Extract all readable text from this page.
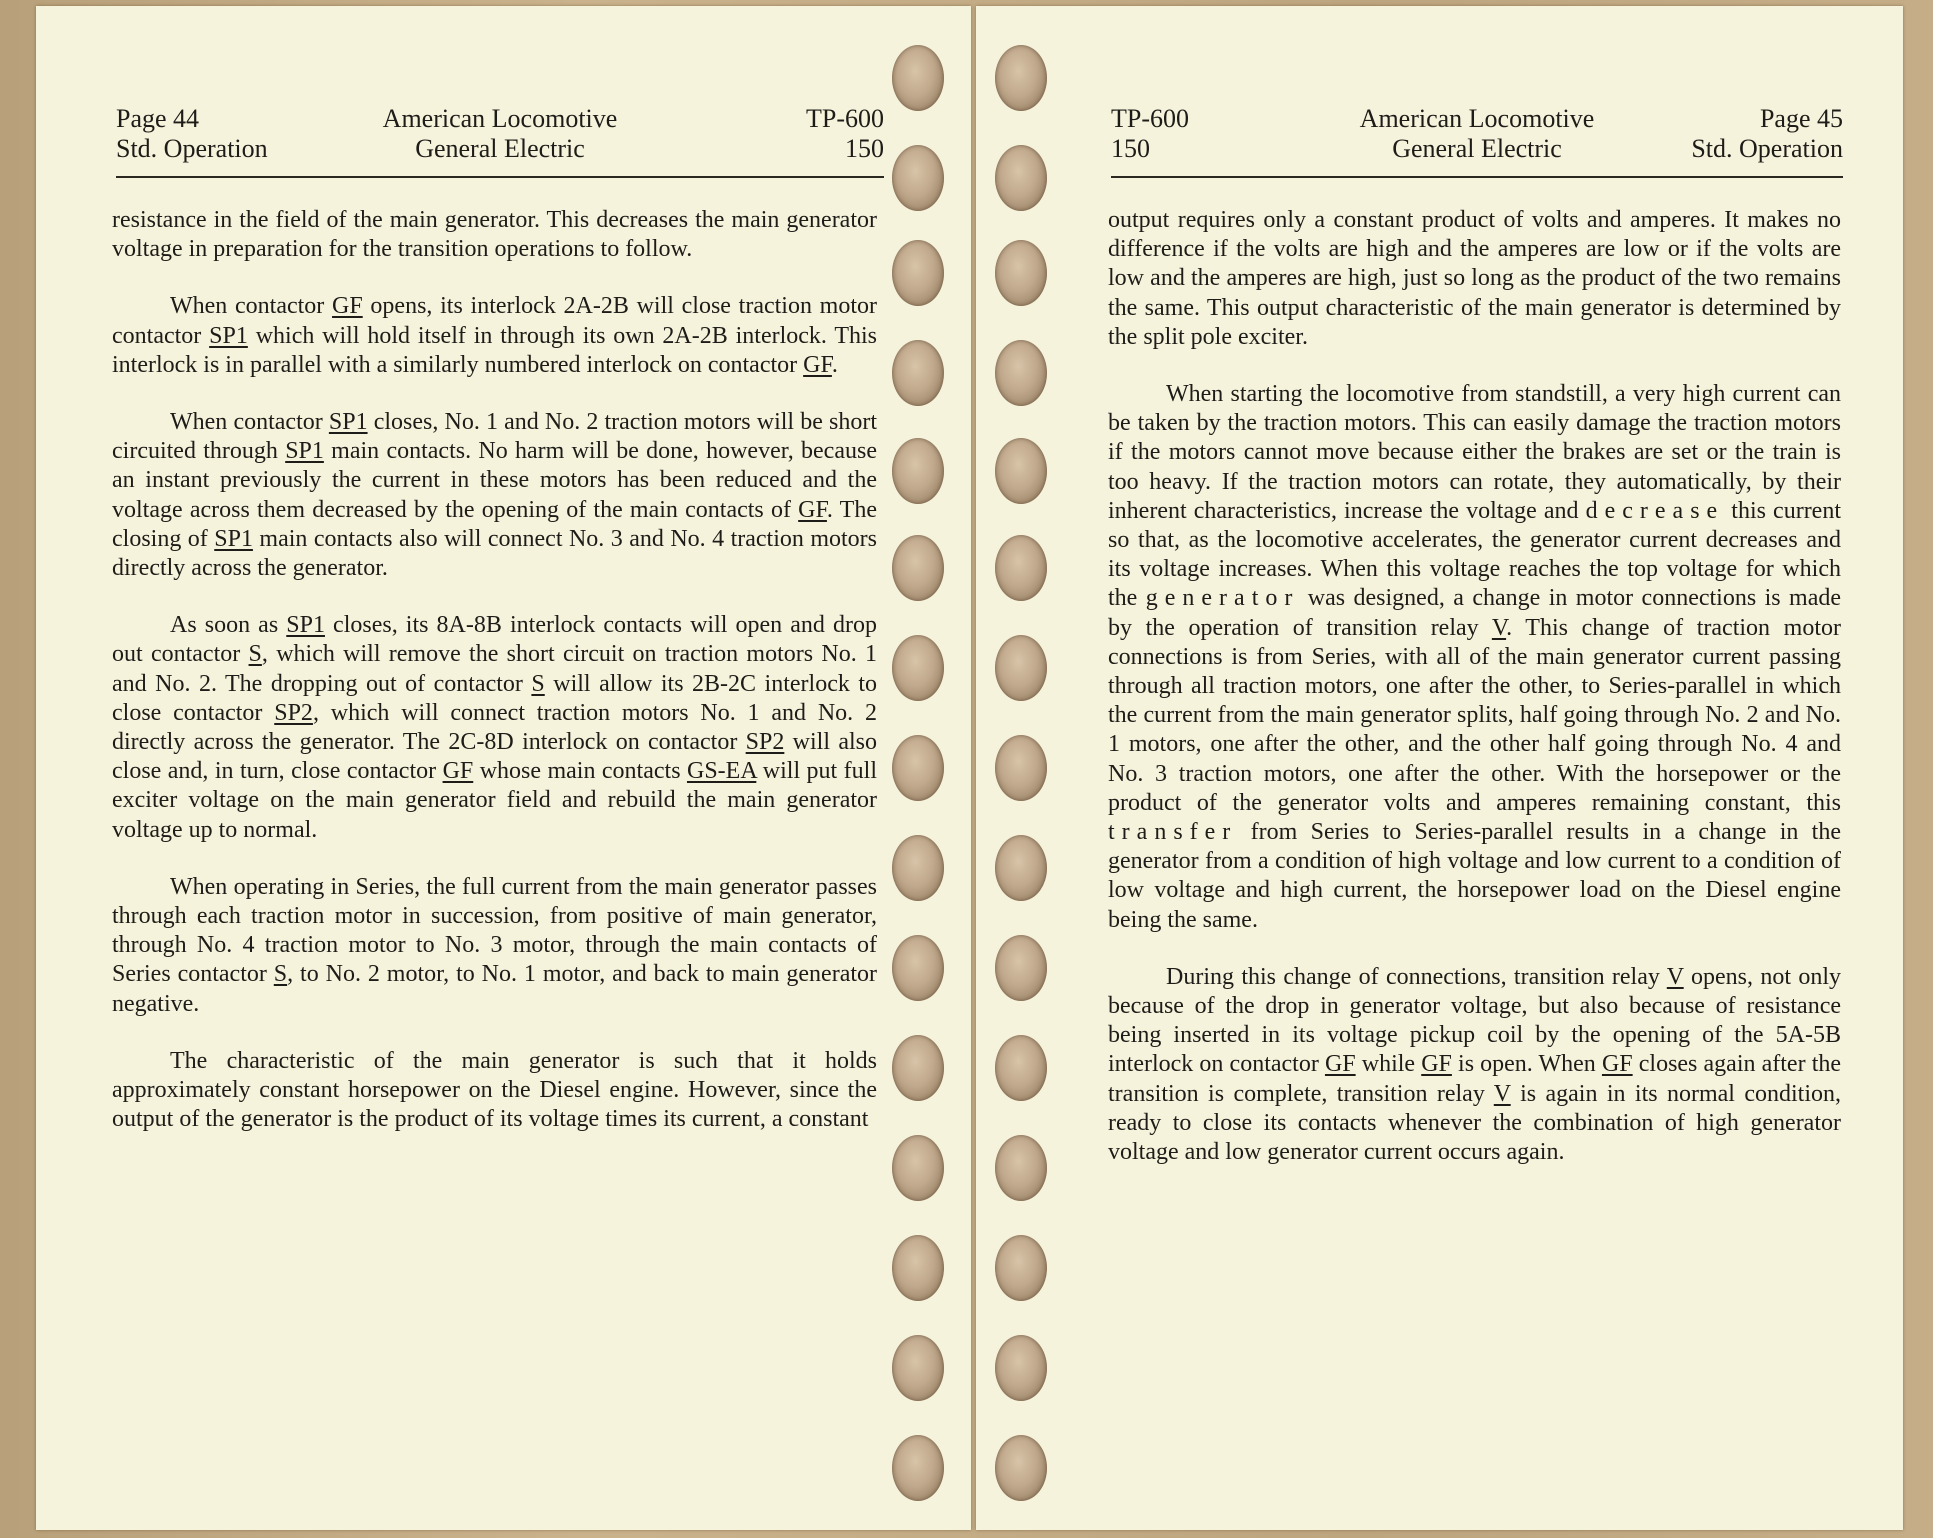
Page 44	American Locomotive	TP-600
Std. Operation	General Electric	150

resistance in the field of the main generator. This decreases the main generator voltage in preparation for the transition operations to follow.

When contactor GF opens, its interlock 2A-2B will close traction motor contactor SP1 which will hold itself in through its own 2A-2B interlock. This interlock is in parallel with a similarly numbered interlock on contactor GF.

When contactor SP1 closes, No. 1 and No. 2 traction motors will be short circuited through SP1 main contacts. No harm will be done, however, because an instant previously the current in these motors has been reduced and the voltage across them decreased by the opening of the main contacts of GF. The closing of SP1 main contacts also will connect No. 3 and No. 4 traction motors directly across the generator.

As soon as SP1 closes, its 8A-8B interlock contacts will open and drop out contactor S, which will remove the short circuit on traction motors No. 1 and No. 2. The dropping out of contactor S will allow its 2B-2C interlock to close contactor SP2, which will connect traction motors No. 1 and No. 2 directly across the generator. The 2C-8D interlock on contactor SP2 will also close and, in turn, close contactor GF whose main contacts GS-EA will put full exciter voltage on the main generator field and rebuild the main generator voltage up to normal.

When operating in Series, the full current from the main generator passes through each traction motor in succession, from positive of main generator, through No. 4 traction motor to No. 3 motor, through the main contacts of Series contactor S, to No. 2 motor, to No. 1 motor, and back to main generator negative.

The characteristic of the main generator is such that it holds approximately constant horsepower on the Diesel engine. However, since the output of the generator is the product of its voltage times its current, a constant

TP-600	American Locomotive	Page 45
150	General Electric	Std. Operation

output requires only a constant product of volts and amperes. It makes no difference if the volts are high and the amperes are low or if the volts are low and the amperes are high, just so long as the product of the two remains the same. This output characteristic of the main generator is determined by the split pole exciter.

When starting the locomotive from standstill, a very high current can be taken by the traction motors. This can easily damage the traction motors if the motors cannot move because either the brakes are set or the train is too heavy. If the traction motors can rotate, they automatically, by their inherent characteristics, increase the voltage and decrease this current so that, as the locomotive accelerates, the generator current decreases and its voltage increases. When this voltage reaches the top voltage for which the generator was designed, a change in motor connections is made by the operation of transition relay V. This change of traction motor connections is from Series, with all of the main generator current passing through all traction motors, one after the other, to Series-parallel in which the current from the main generator splits, half going through No. 2 and No. 1 motors, one after the other, and the other half going through No. 4 and No. 3 traction motors, one after the other. With the horsepower or the product of the generator volts and amperes remaining constant, this transfer from Series to Series-parallel results in a change in the generator from a condition of high voltage and low current to a condition of low voltage and high current, the horsepower load on the Diesel engine being the same.

During this change of connections, transition relay V opens, not only because of the drop in generator voltage, but also because of resistance being inserted in its voltage pickup coil by the opening of the 5A-5B interlock on contactor GF while GF is open. When GF closes again after the transition is complete, transition relay V is again in its normal condition, ready to close its contacts whenever the combination of high generator voltage and low generator current occurs again.
